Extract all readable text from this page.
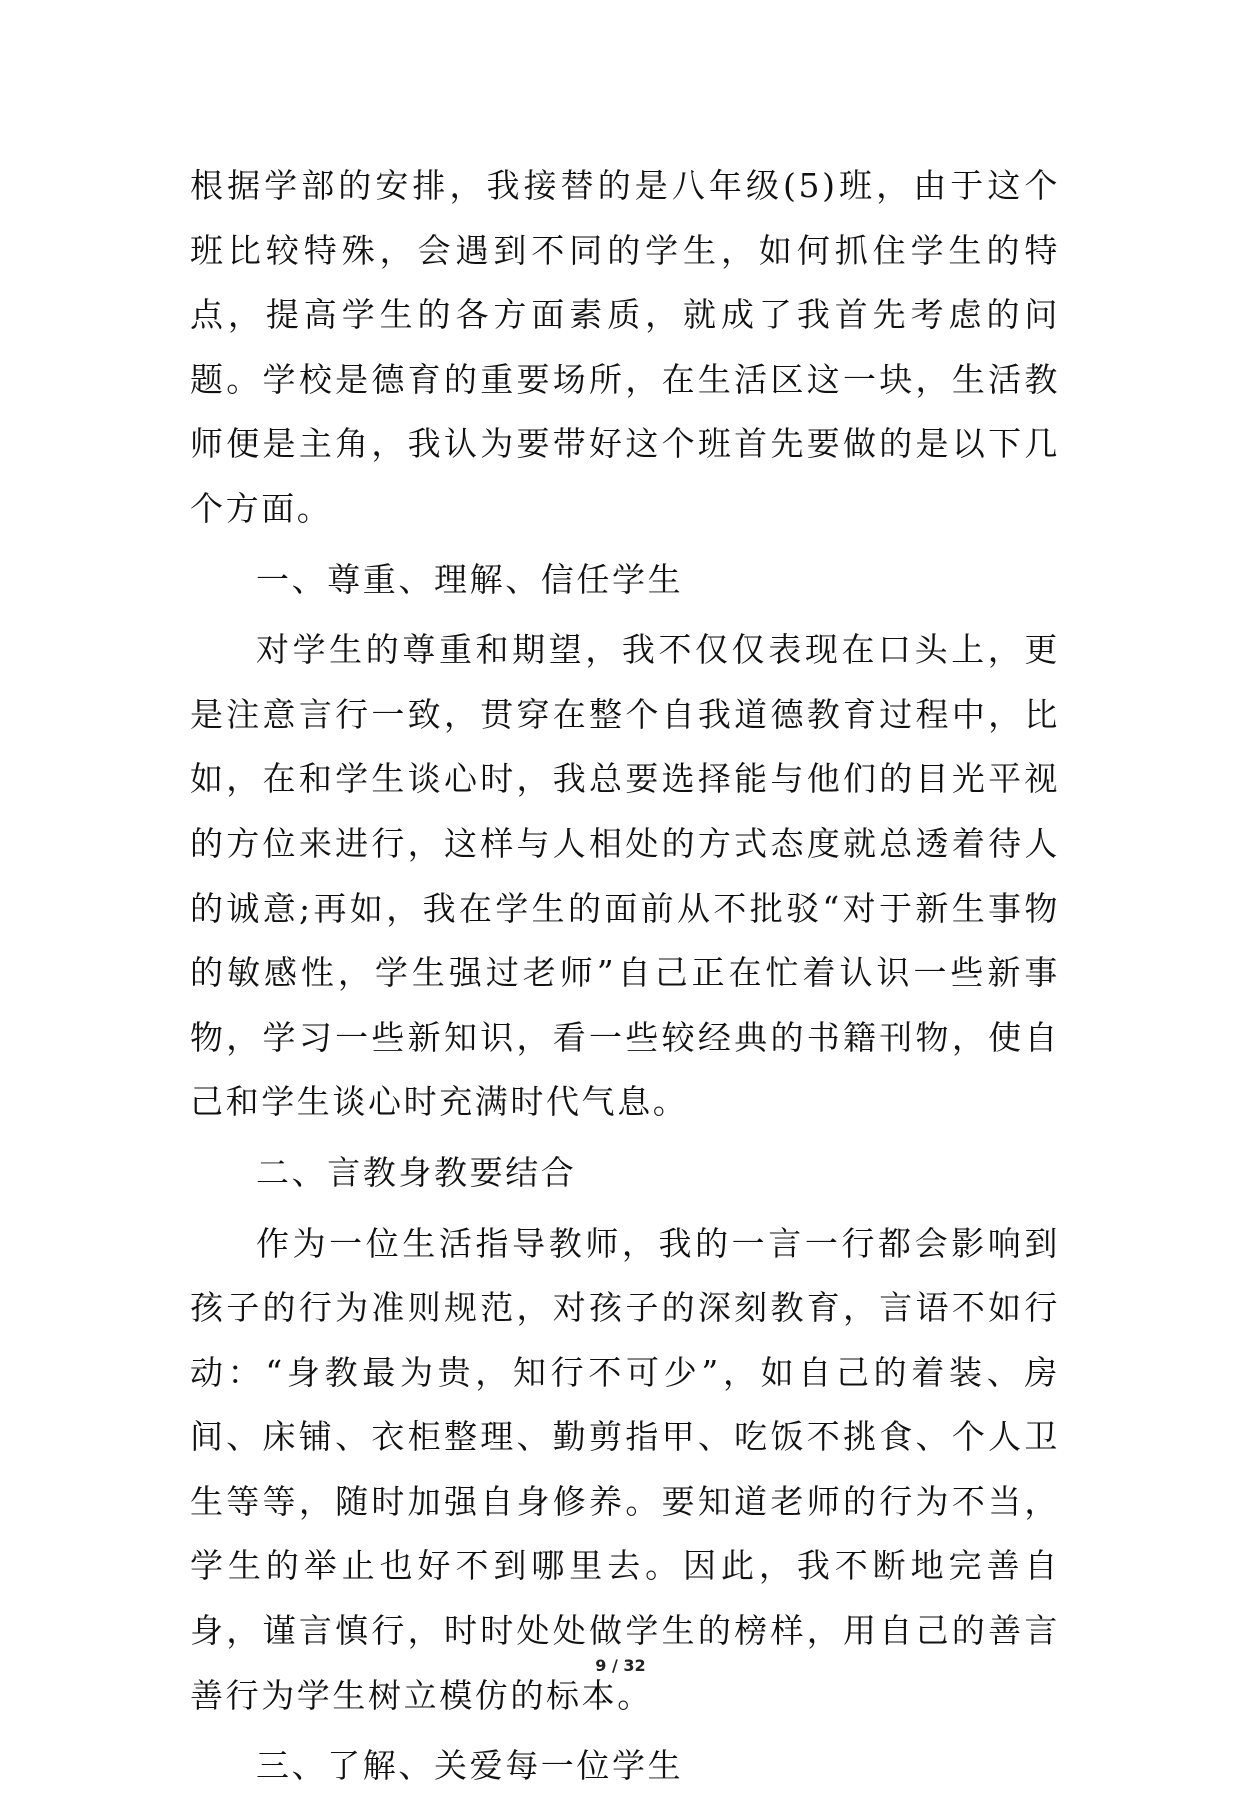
根据学部的安排，我接替的是八年级(5)班，由于这个班比较特殊，会遇到不同的学生，如何抓住学生的特点，提高学生的各方面素质，就成了我首先考虑的问题。学校是德育的重要场所，在生活区这一块，生活教师便是主角，我认为要带好这个班首先要做的是以下几个方面。

一、尊重、理解、信任学生

对学生的尊重和期望，我不仅仅表现在口头上，更是注意言行一致，贯穿在整个自我道德教育过程中，比如，在和学生谈心时，我总要选择能与他们的目光平视的方位来进行，这样与人相处的方式态度就总透着待人的诚意;再如，我在学生的面前从不批驳“对于新生事物的敏感性，学生强过老师”自己正在忙着认识一些新事物，学习一些新知识，看一些较经典的书籍刊物，使自己和学生谈心时充满时代气息。

二、言教身教要结合

作为一位生活指导教师，我的一言一行都会影响到孩子的行为准则规范，对孩子的深刻教育，言语不如行动：“身教最为贵，知行不可少”，如自己的着装、房间、床铺、衣柜整理、勤剪指甲、吃饭不挑食、个人卫生等等，随时加强自身修养。要知道老师的行为不当，学生的举止也好不到哪里去。因此，我不断地完善自身，谨言慎行，时时处处做学生的榜样，用自己的善言善行为学生树立模仿的标本。

三、了解、关爱每一位学生

9 / 32
